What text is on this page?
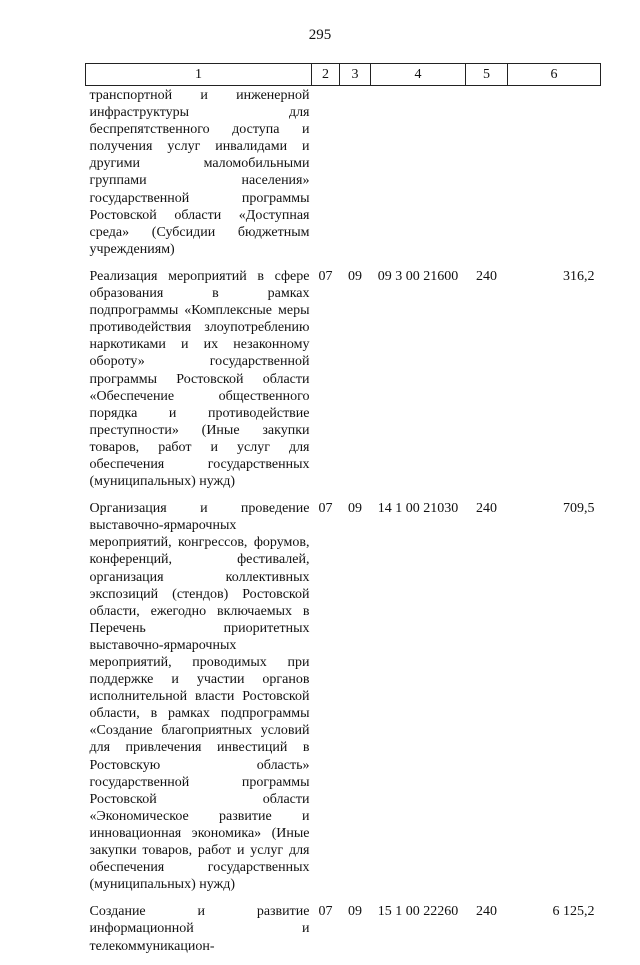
295
1	2	3	4	5	6
транспортной и инженерной инфраструктуры для беспрепятственного доступа и получения услуг инвалидами и другими маломобильными группами населения» государственной программы Ростовской области «Доступная среда» (Субсидии бюджетным учреждениям)					
Реализация мероприятий в сфере образования в рамках подпрограммы «Комплексные меры противодействия злоупотреблению наркотиками и их незаконному обороту» государственной программы Ростовской области «Обеспечение общественного порядка и противодействие преступности» (Иные закупки товаров, работ и услуг для обеспечения государственных (муниципальных) нужд)	07	09	09 3 00 21600	240	316,2
Организация и проведение выставочно-ярмарочных мероприятий, конгрессов, форумов, конференций, фестивалей, организация коллективных экспозиций (стендов) Ростовской области, ежегодно включаемых в Перечень приоритетных выставочно-ярмарочных мероприятий, проводимых при поддержке и участии органов исполнительной власти Ростовской области, в рамках подпрограммы «Создание благоприятных условий для привлечения инвестиций в Ростовскую область» государственной программы Ростовской области «Экономическое развитие и инновационная экономика» (Иные закупки товаров, работ и услуг для обеспечения государственных (муниципальных) нужд)	07	09	14 1 00 21030	240	709,5
Создание и развитие информационной и телекоммуникацион-	07	09	15 1 00 22260	240	6 125,2
